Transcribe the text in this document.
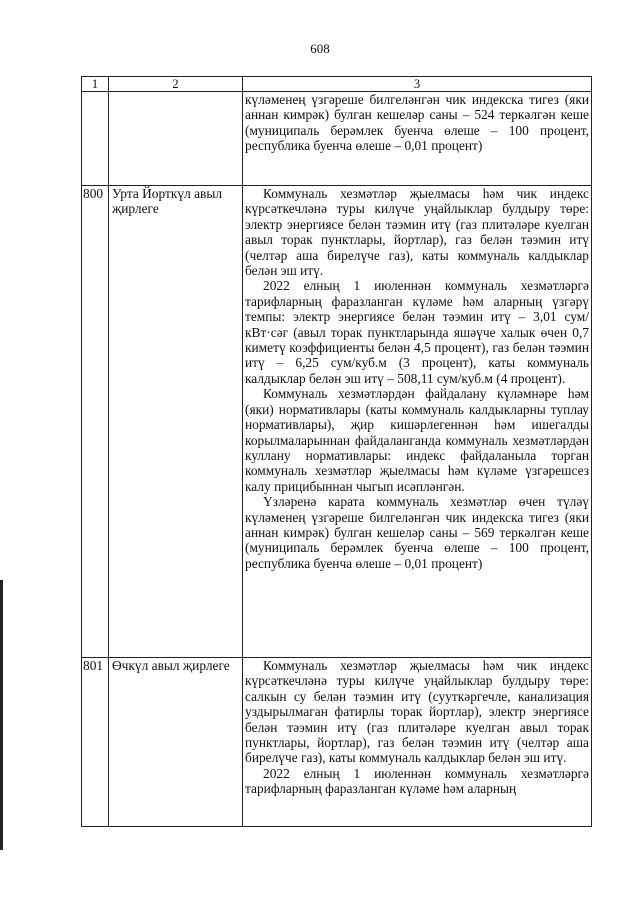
608
1	2	3

		күләменең үзгәреше билгеләнгән чик индекска тигез (яки аннан кимрәк) булган кешеләр саны – 524 теркәлгән кеше (муниципаль берәмлек буенча өлеше – 100 процент, республика буенча өлеше – 0,01 процент)

800	Урта Йорткүл авыл җирлеге	Коммуналь хезмәтләр җыелмасы һәм чик индекс күрсәткечләнә туры килүче уңайлыклар булдыру төре: электр энергиясе белән тәэмин итү (газ плитәләре куелган авыл торак пунктлары, йортлар), газ белән тәэмин итү (челтәр аша бирелүче газ), каты коммуналь калдыклар белән эш итү.

2022 елның 1 июленнән коммуналь хезмәтләргә тарифларның фаразланган күләме һәм аларның үзгәрү темпы: электр энергиясе белән тәэмин итү – 3,01 сум/кВт·сәг (авыл торак пунктларында яшәүче халык өчен 0,7 киметү коэффициенты белән 4,5 процент), газ белән тәэмин итү – 6,25 сум/куб.м (3 процент), каты коммуналь калдыклар белән эш итү – 508,11 сум/куб.м (4 процент).

Коммуналь хезмәтләрдән файдалану күләмнәре һәм (яки) нормативлары (каты коммуналь калдыкларны туплау нормативлары), җир кишәрлегеннән һәм ишегалды корылмаларыннан файдаланганда коммуналь хезмәтләрдән куллану нормативлары: индекс файдаланыла торган коммуналь хезмәтләр җыелмасы һәм күләме үзгәрешсез калу прицибыннан чыгып исәпләнгән.

Үзләренә карата коммуналь хезмәтләр өчен түләү күләменең үзгәреше билгеләнгән чик индекска тигез (яки аннан кимрәк) булган кешеләр саны – 569 теркәлгән кеше (муниципаль берәмлек буенча өлеше – 100 процент, республика буенча өлеше – 0,01 процент)

801	Өчкүл авыл җирлеге	Коммуналь хезмәтләр җыелмасы һәм чик индекс күрсәткечләнә туры килүче уңайлыклар булдыру төре: салкын су белән тәэмин итү (сууткәргечле, канализация уздырылмаган фатирлы торак йортлар), электр энергиясе белән тәэмин итү (газ плитәләре куелган авыл торак пунктлары, йортлар), газ белән тәэмин итү (челтәр аша бирелүче газ), каты коммуналь калдыклар белән эш итү.

2022 елның 1 июленнән коммуналь хезмәтләргә тарифларның фаразланган күләме һәм аларның
